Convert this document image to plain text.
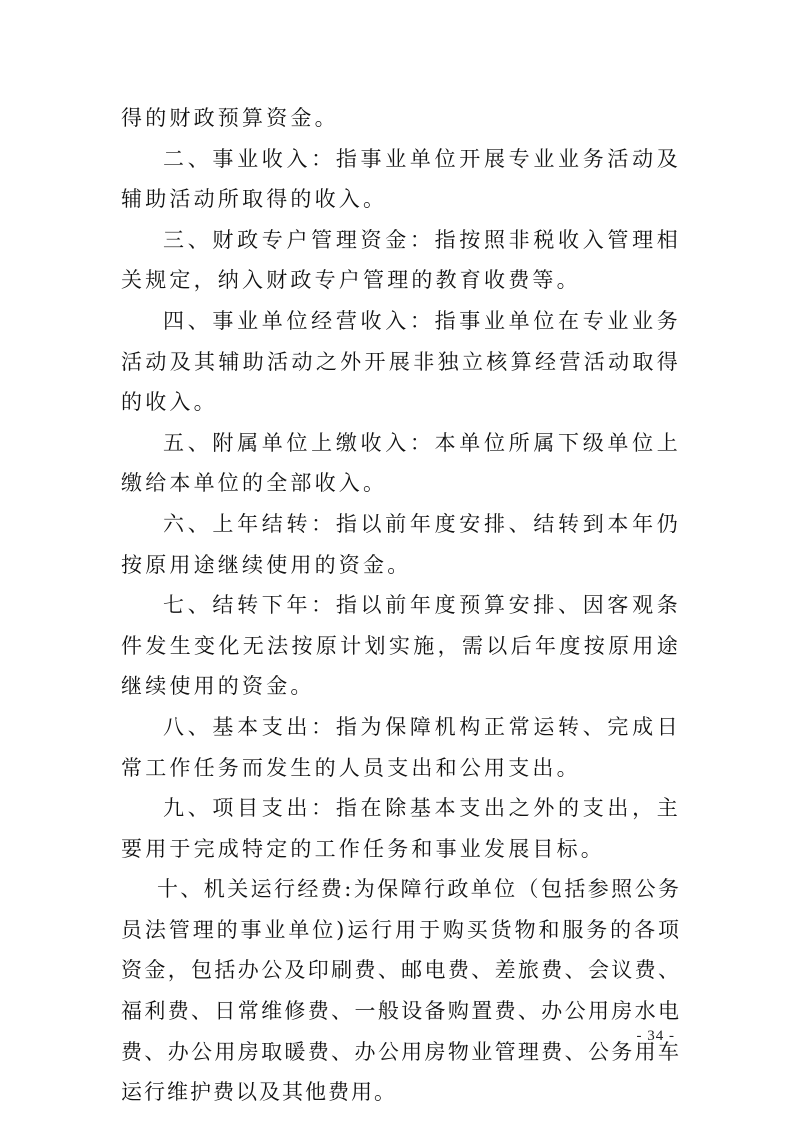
得的财政预算资金。

二、事业收入：指事业单位开展专业业务活动及辅助活动所取得的收入。

三、财政专户管理资金：指按照非税收入管理相关规定，纳入财政专户管理的教育收费等。

四、事业单位经营收入：指事业单位在专业业务活动及其辅助活动之外开展非独立核算经营活动取得的收入。

五、附属单位上缴收入：本单位所属下级单位上缴给本单位的全部收入。

六、上年结转：指以前年度安排、结转到本年仍按原用途继续使用的资金。

七、结转下年：指以前年度预算安排、因客观条件发生变化无法按原计划实施，需以后年度按原用途继续使用的资金。

八、基本支出：指为保障机构正常运转、完成日常工作任务而发生的人员支出和公用支出。

九、项目支出：指在除基本支出之外的支出，主要用于完成特定的工作任务和事业发展目标。

十、机关运行经费:为保障行政单位（包括参照公务员法管理的事业单位)运行用于购买货物和服务的各项资金，包括办公及印刷费、邮电费、差旅费、会议费、福利费、日常维修费、一般设备购置费、办公用房水电费、办公用房取暖费、办公用房物业管理费、公务用车运行维护费以及其他费用。

- 34 -
